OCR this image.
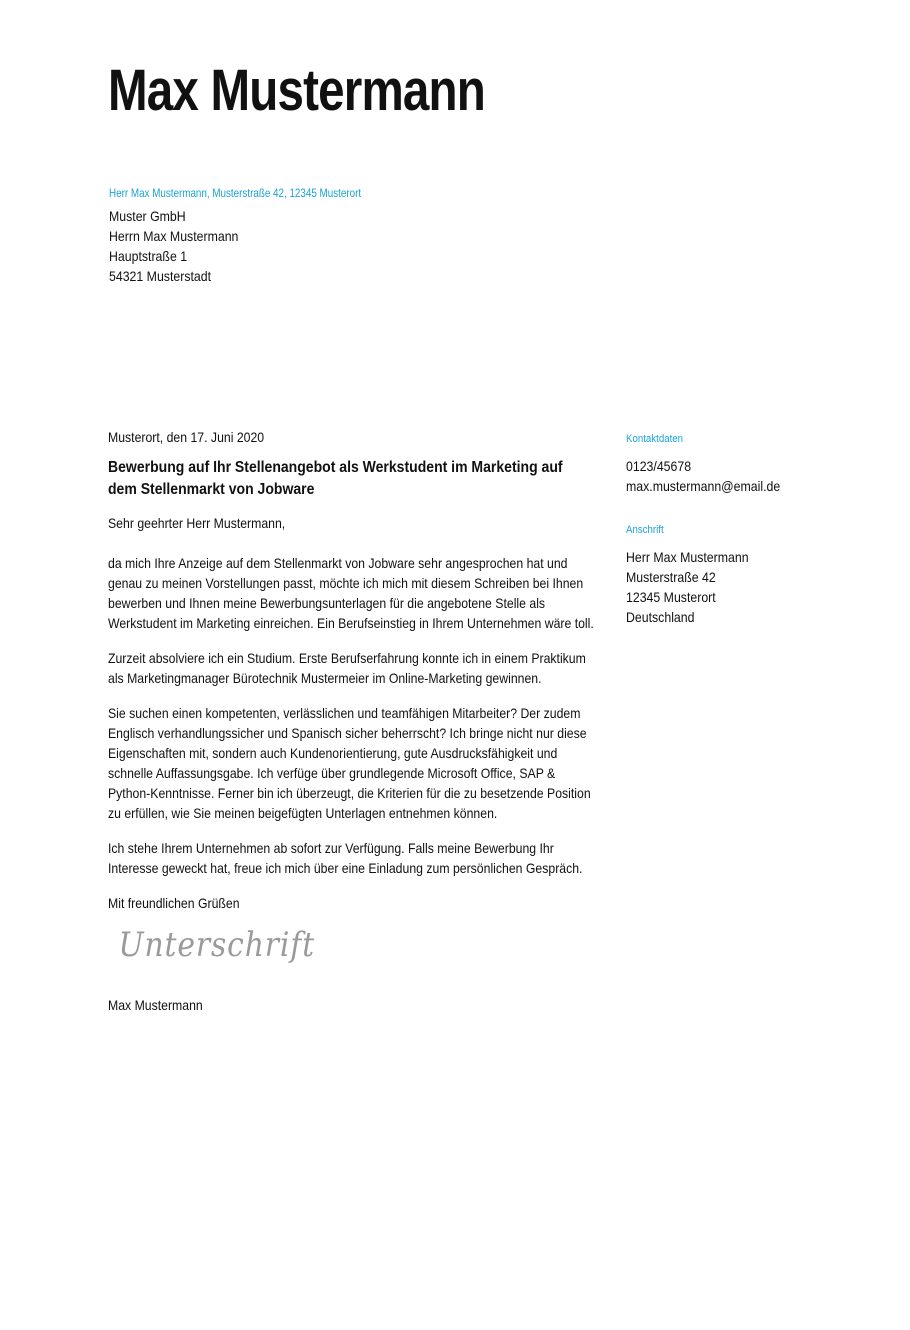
Max Mustermann
Herr Max Mustermann, Musterstraße 42, 12345 Musterort
Muster GmbH
Herrn Max Mustermann
Hauptstraße 1
54321 Musterstadt
Musterort, den 17. Juni 2020
Bewerbung auf Ihr Stellenangebot als Werkstudent im Marketing auf dem Stellenmarkt von Jobware
Sehr geehrter Herr Mustermann,

da mich Ihre Anzeige auf dem Stellenmarkt von Jobware sehr angesprochen hat und genau zu meinen Vorstellungen passt, möchte ich mich mit diesem Schreiben bei Ihnen bewerben und Ihnen meine Bewerbungsunterlagen für die angebotene Stelle als Werkstudent im Marketing einreichen. Ein Berufseinstieg in Ihrem Unternehmen wäre toll.

Zurzeit absolviere ich ein Studium. Erste Berufserfahrung konnte ich in einem Praktikum als Marketingmanager Bürotechnik Mustermeier im Online-Marketing gewinnen.

Sie suchen einen kompetenten, verlässlichen und teamfähigen Mitarbeiter? Der zudem Englisch verhandlungssicher und Spanisch sicher beherrscht? Ich bringe nicht nur diese Eigenschaften mit, sondern auch Kundenorientierung, gute Ausdrucksfähigkeit und schnelle Auffassungsgabe. Ich verfüge über grundlegende Microsoft Office, SAP & Python-Kenntnisse. Ferner bin ich überzeugt, die Kriterien für die zu besetzende Position zu erfüllen, wie Sie meinen beigefügten Unterlagen entnehmen können.

Ich stehe Ihrem Unternehmen ab sofort zur Verfügung. Falls meine Bewerbung Ihr Interesse geweckt hat, freue ich mich über eine Einladung zum persönlichen Gespräch.

Mit freundlichen Grüßen
Unterschrift
Max Mustermann
Kontaktdaten
0123/45678
max.mustermann@email.de
Anschrift
Herr Max Mustermann
Musterstraße 42
12345 Musterort
Deutschland
